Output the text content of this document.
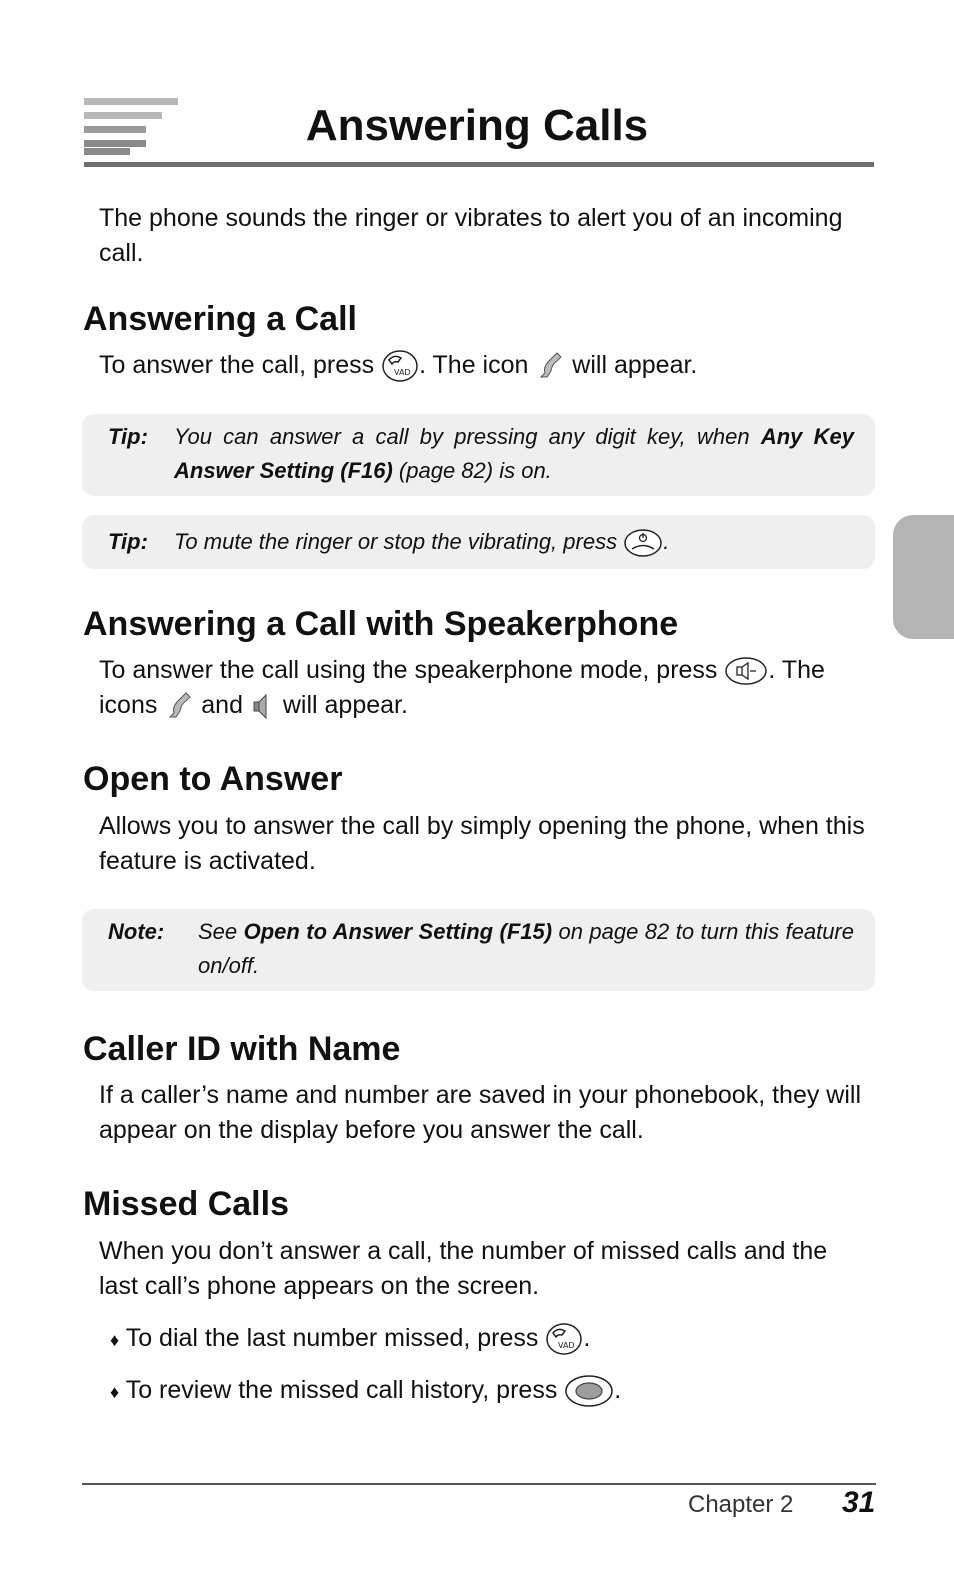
Answering Calls

The phone sounds the ringer or vibrates to alert you of an incoming call.

Answering a Call
To answer the call, press VAD . The icon
will appear.
Tip: You can answer a call by pressing any digit key, when Any Key Answer Setting (F16) (page 82) is on.
Tip: To mute the ringer or stop the vibrating, press
.
Answering a Call with Speakerphone
To answer the call using the speakerphone mode, press
. The icons
and
will appear.
Open to Answer

Allows you to answer the call by simply opening the phone, when this feature is activated.

Note: See Open to Answer Setting (F15) on page 82 to turn this feature on/off.
Caller ID with Name

If a caller’s name and number are saved in your phonebook, they will appear on the display before you answer the call.

Missed Calls

When you don’t answer a call, the number of missed calls and the last call’s phone appears on the screen.

♦ To dial the last number missed, press VAD .
♦ To review the missed call history, press
.
Chapter 2 31
